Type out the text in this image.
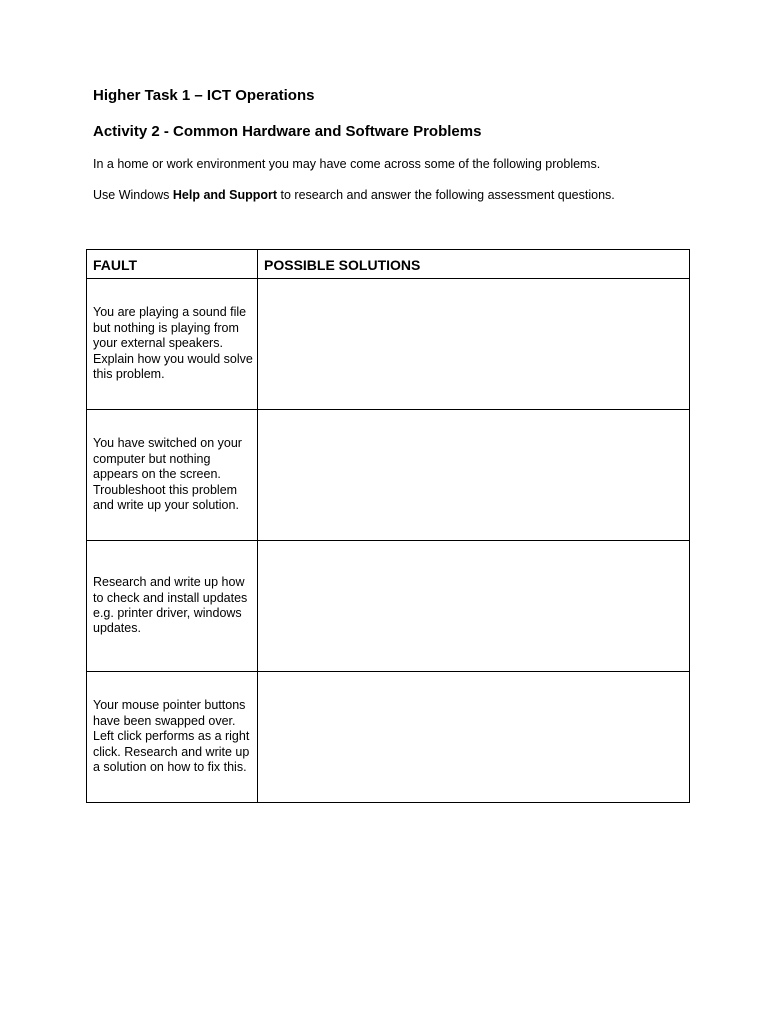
Higher Task 1 – ICT Operations
Activity 2 - Common Hardware and Software Problems
In a home or work environment you may have come across some of the following problems.
Use Windows Help and Support to research and answer the following assessment questions.
FAULT	POSSIBLE SOLUTIONS

You are playing a sound file but nothing is playing from your external speakers. Explain how you would solve this problem.	

You have switched on your computer but nothing appears on the screen. Troubleshoot this problem and write up your solution.	

Research and write up how to check and install updates e.g. printer driver, windows updates.	

Your mouse pointer buttons have been swapped over. Left click performs as a right click. Research and write up a solution on how to fix this.	
